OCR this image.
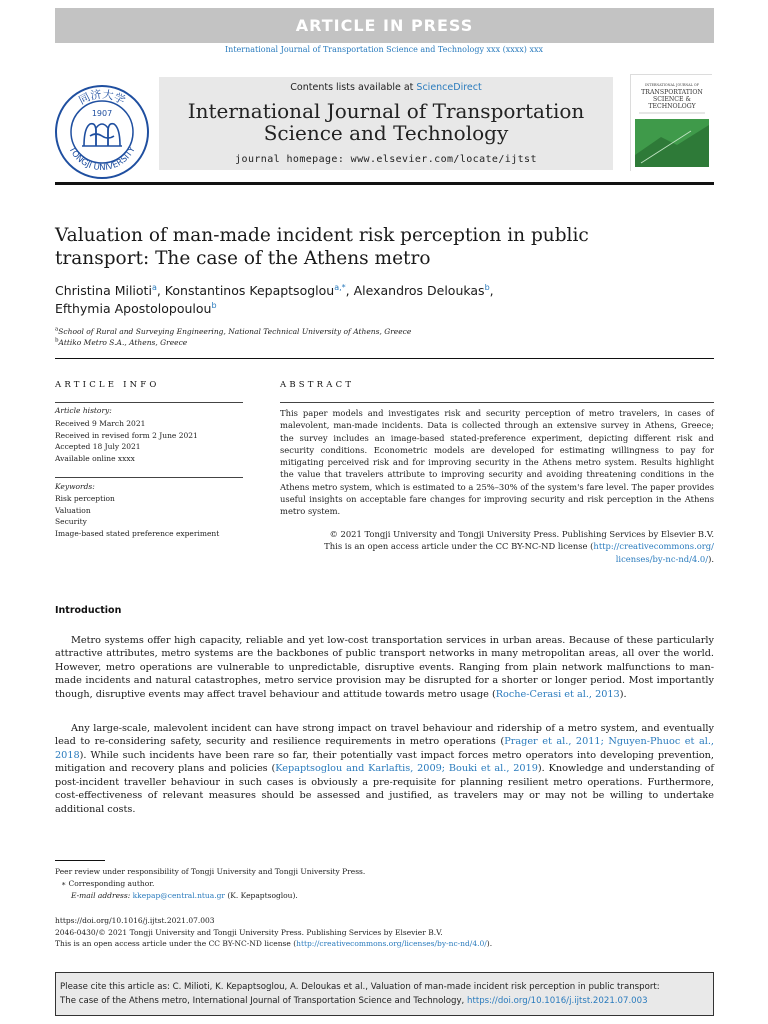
ARTICLE IN PRESS
International Journal of Transportation Science and Technology xxx (xxxx) xxx
同济大学
TONGJI UNIVERSITY
1907
Contents lists available at ScienceDirect
International Journal of Transportation
Science and Technology
journal homepage: www.elsevier.com/locate/ijtst
INTERNATIONAL JOURNAL OF
TRANSPORTATION
SCIENCE &
TECHNOLOGY
Valuation of man-made incident risk perception in public
transport: The case of the Athens metro
Christina Milioti$^a$, Konstantinos Kepaptsoglou$^{a,*}$, Alexandros Deloukas$^b$,
Efthymia Apostolopoulou$^b$
$^a$School of Rural and Surveying Engineering, National Technical University of Athens, Greece
$^b$Attiko Metro S.A., Athens, Greece
ARTICLE INFO
Article history:
Received 9 March 2021
Received in revised form 2 June 2021
Accepted 18 July 2021
Available online xxxx
Keywords:
Risk perception
Valuation
Security
Image-based stated preference experiment
ABSTRACT

This paper models and investigates risk and security perception of metro travelers, in cases of malevolent, man-made incidents. Data is collected through an extensive survey in Athens, Greece; the survey includes an image-based stated-preference experiment, depicting different risk and security conditions. Econometric models are developed for estimating willingness to pay for mitigating perceived risk and for improving security in the Athens metro system. Results highlight the value that travelers attribute to improving security and avoiding threatening conditions in the Athens metro system, which is estimated to a 25%–30% of the system's fare level. The paper provides useful insights on acceptable fare changes for improving security and risk perception in the Athens metro system.

© 2021 Tongji University and Tongji University Press. Publishing Services by Elsevier B.V.
This is an open access article under the CC BY-NC-ND license (http://creativecommons.org/
licenses/by-nc-nd/4.0/).
Introduction
Metro systems offer high capacity, reliable and yet low-cost transportation services in urban areas. Because of these particularly attractive attributes, metro systems are the backbones of public transport networks in many metropolitan areas, all over the world. However, metro operations are vulnerable to unpredictable, disruptive events. Ranging from plain network malfunctions to man-made incidents and natural catastrophes, metro service provision may be disrupted for a shorter or longer period. Most importantly though, disruptive events may affect travel behaviour and attitude towards metro usage (Roche-Cerasi et al., 2013).
Any large-scale, malevolent incident can have strong impact on travel behaviour and ridership of a metro system, and eventually lead to re-considering safety, security and resilience requirements in metro operations (Prager et al., 2011; Nguyen-Phuoc et al., 2018). While such incidents have been rare so far, their potentially vast impact forces metro operators into developing prevention, mitigation and recovery plans and policies (Kepaptsoglou and Karlaftis, 2009; Bouki et al., 2019). Knowledge and understanding of post-incident traveller behaviour in such cases is obviously a pre-requisite for planning resilient metro operations. Furthermore, cost-effectiveness of relevant measures should be assessed and justified, as travelers may or may not be willing to undertake additional costs.
Peer review under responsibility of Tongji University and Tongji University Press.
∗ Corresponding author.
E-mail address: kkepap@central.ntua.gr (K. Kepaptsoglou).
https://doi.org/10.1016/j.ijtst.2021.07.003
2046-0430/© 2021 Tongji University and Tongji University Press. Publishing Services by Elsevier B.V.
This is an open access article under the CC BY-NC-ND license (http://creativecommons.org/licenses/by-nc-nd/4.0/).
Please cite this article as: C. Milioti, K. Kepaptsoglou, A. Deloukas et al., Valuation of man-made incident risk perception in public transport:
The case of the Athens metro, International Journal of Transportation Science and Technology, https://doi.org/10.1016/j.ijtst.2021.07.003
